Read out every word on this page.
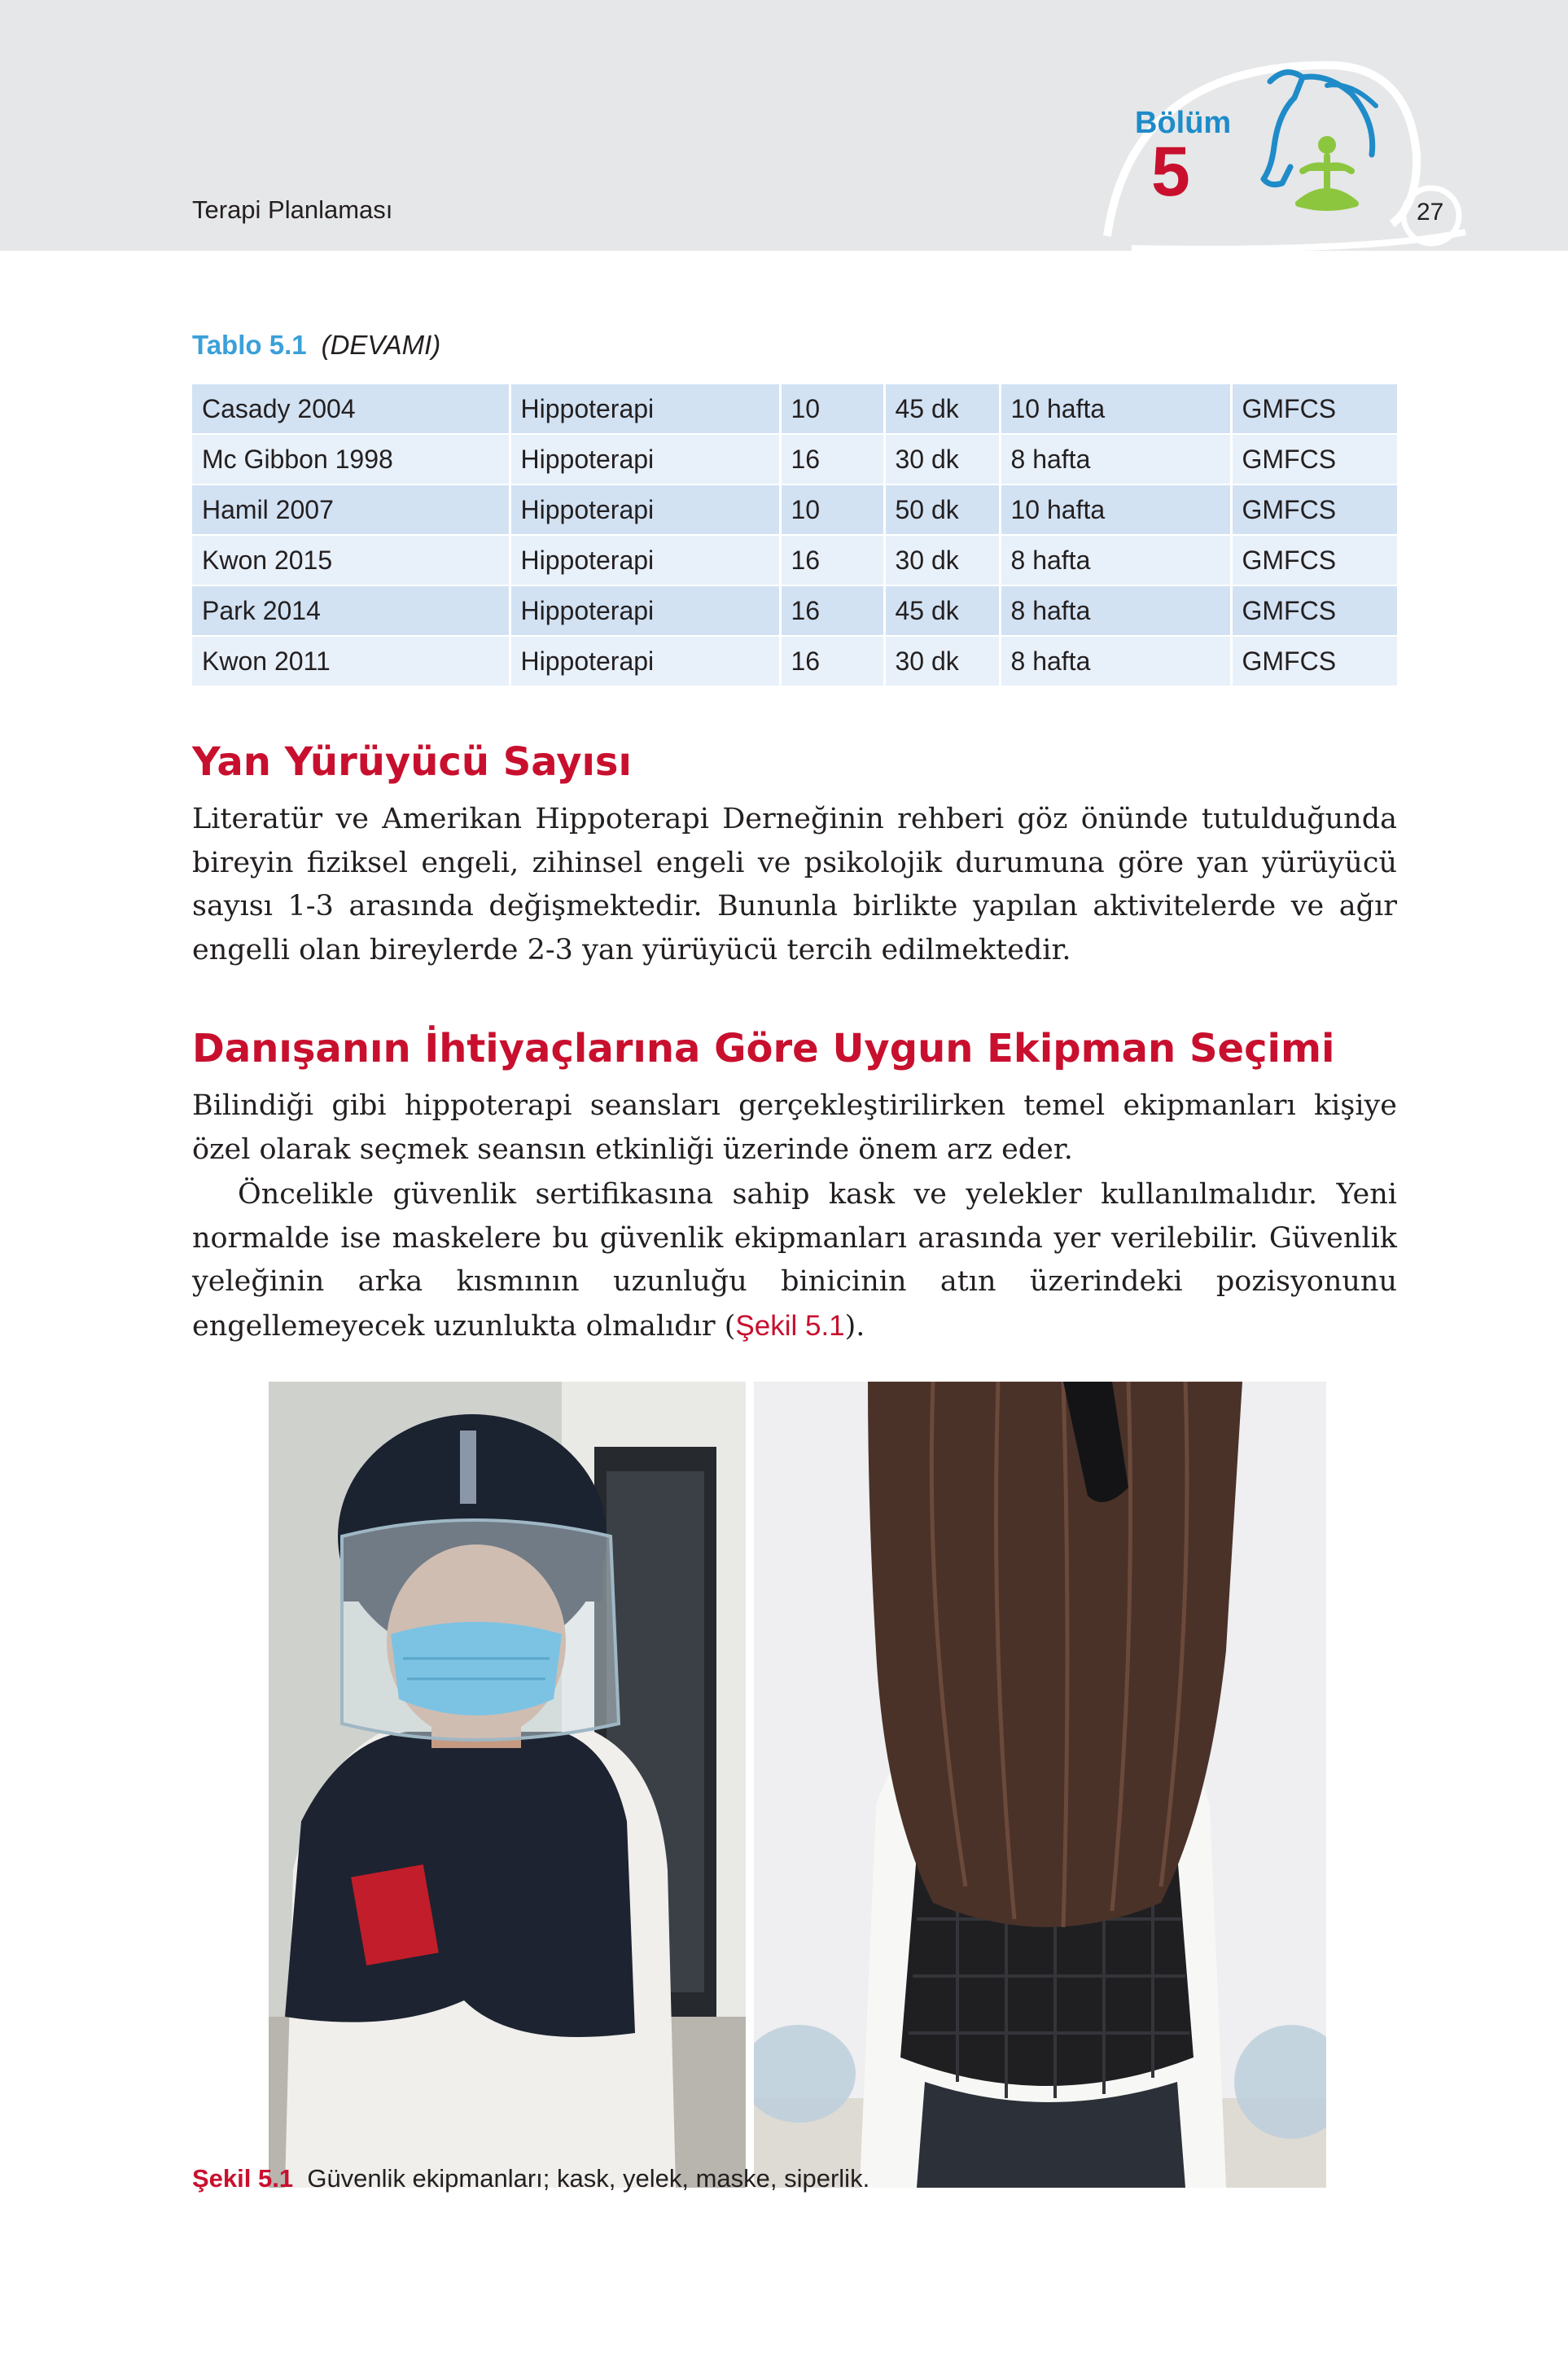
Terapi Planlaması
Bölüm
5
27
Tablo 5.1 (DEVAMI)
Casady 2004	Hippoterapi	10	45 dk	10 hafta	GMFCS
Mc Gibbon 1998	Hippoterapi	16	30 dk	8 hafta	GMFCS
Hamil 2007	Hippoterapi	10	50 dk	10 hafta	GMFCS
Kwon 2015	Hippoterapi	16	30 dk	8 hafta	GMFCS
Park 2014	Hippoterapi	16	45 dk	8 hafta	GMFCS
Kwon 2011	Hippoterapi	16	30 dk	8 hafta	GMFCS
Yan Yürüyücü Sayısı

Literatür ve Amerikan Hippoterapi Derneğinin rehberi göz önünde tutulduğunda bireyin fiziksel engeli, zihinsel engeli ve psikolojik durumuna göre yan yürüyücü sayısı 1-3 arasında değişmektedir. Bununla birlikte yapılan aktivitelerde ve ağır engelli olan bireylerde 2-3 yan yürüyücü tercih edilmektedir.

Danışanın İhtiyaçlarına Göre Uygun Ekipman Seçimi

Bilindiği gibi hippoterapi seansları gerçekleştirilirken temel ekipmanları kişiye özel olarak seçmek seansın etkinliği üzerinde önem arz eder.

Öncelikle güvenlik sertifikasına sahip kask ve yelekler kullanılmalıdır. Yeni normalde ise maskelere bu güvenlik ekipmanları arasında yer verilebilir. Güvenlik yeleğinin arka kısmının uzunluğu binicinin atın üzerindeki pozisyonunu engellemeyecek uzunlukta olmalıdır (Şekil 5.1).

Şekil 5.1 Güvenlik ekipmanları; kask, yelek, maske, siperlik.
